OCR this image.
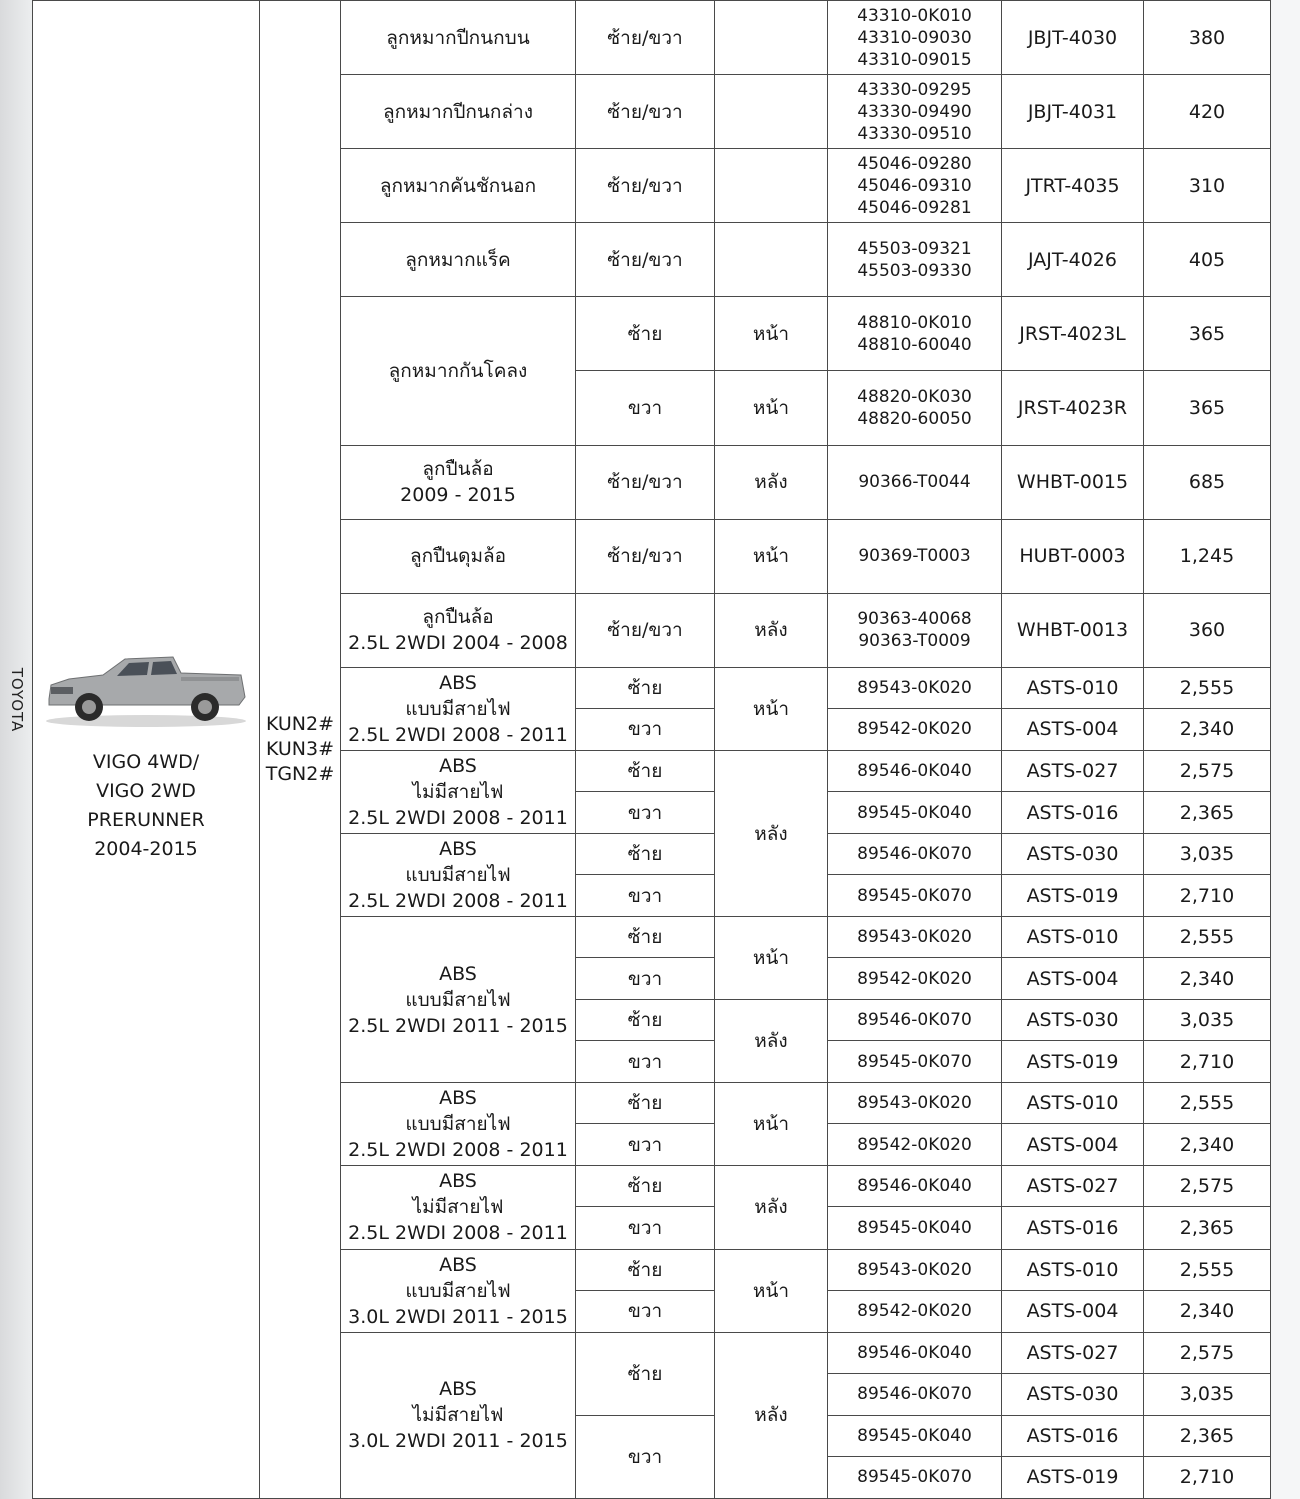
TOYOTA
VIGO 4WD/
VIGO 2WD
PRERUNNER
2004-2015	KUN2#
KUN3#
TGN2#	ลูกหมากปีกนกบน	ซ้าย/ขวา		43310-0K010
43310-09030
43310-09015	JBJT-4030	380
		ลูกหมากปีกนกล่าง	ซ้าย/ขวา		43330-09295
43330-09490
43330-09510	JBJT-4031	420
		ลูกหมากคันชักนอก	ซ้าย/ขวา		45046-09280
45046-09310
45046-09281	JTRT-4035	310
		ลูกหมากแร็ค	ซ้าย/ขวา		45503-09321
45503-09330	JAJT-4026	405
		ลูกหมากกันโคลง	ซ้าย	หน้า	48810-0K010
48810-60040	JRST-4023L	365
			ขวา	หน้า	48820-0K030
48820-60050	JRST-4023R	365
		ลูกปืนล้อ
2009 - 2015	ซ้าย/ขวา	หลัง	90366-T0044	WHBT-0015	685
		ลูกปืนดุมล้อ	ซ้าย/ขวา	หน้า	90369-T0003	HUBT-0003	1,245
		ลูกปืนล้อ
2.5L 2WDI 2004 - 2008	ซ้าย/ขวา	หลัง	90363-40068
90363-T0009	WHBT-0013	360
		ABS
แบบมีสายไฟ
2.5L 2WDI 2008 - 2011	ซ้าย	หน้า	89543-0K020	ASTS-010	2,555
			ขวา		89542-0K020	ASTS-004	2,340
		ABS
ไม่มีสายไฟ
2.5L 2WDI 2008 - 2011	ซ้าย	หลัง	89546-0K040	ASTS-027	2,575
			ขวา		89545-0K040	ASTS-016	2,365
		ABS
แบบมีสายไฟ
2.5L 2WDI 2008 - 2011	ซ้าย		89546-0K070	ASTS-030	3,035
			ขวา		89545-0K070	ASTS-019	2,710
		ABS
แบบมีสายไฟ
2.5L 2WDI 2011 - 2015	ซ้าย	หน้า	89543-0K020	ASTS-010	2,555
			ขวา		89542-0K020	ASTS-004	2,340
			ซ้าย	หลัง	89546-0K070	ASTS-030	3,035
			ขวา		89545-0K070	ASTS-019	2,710
		ABS
แบบมีสายไฟ
2.5L 2WDI 2008 - 2011	ซ้าย	หน้า	89543-0K020	ASTS-010	2,555
			ขวา		89542-0K020	ASTS-004	2,340
		ABS
ไม่มีสายไฟ
2.5L 2WDI 2008 - 2011	ซ้าย	หลัง	89546-0K040	ASTS-027	2,575
			ขวา		89545-0K040	ASTS-016	2,365
		ABS
แบบมีสายไฟ
3.0L 2WDI 2011 - 2015	ซ้าย	หน้า	89543-0K020	ASTS-010	2,555
			ขวา		89542-0K020	ASTS-004	2,340
		ABS
ไม่มีสายไฟ
3.0L 2WDI 2011 - 2015	ซ้าย	หลัง	89546-0K040	ASTS-027	2,575
					89546-0K070	ASTS-030	3,035
			ขวา		89545-0K040	ASTS-016	2,365
					89545-0K070	ASTS-019	2,710
